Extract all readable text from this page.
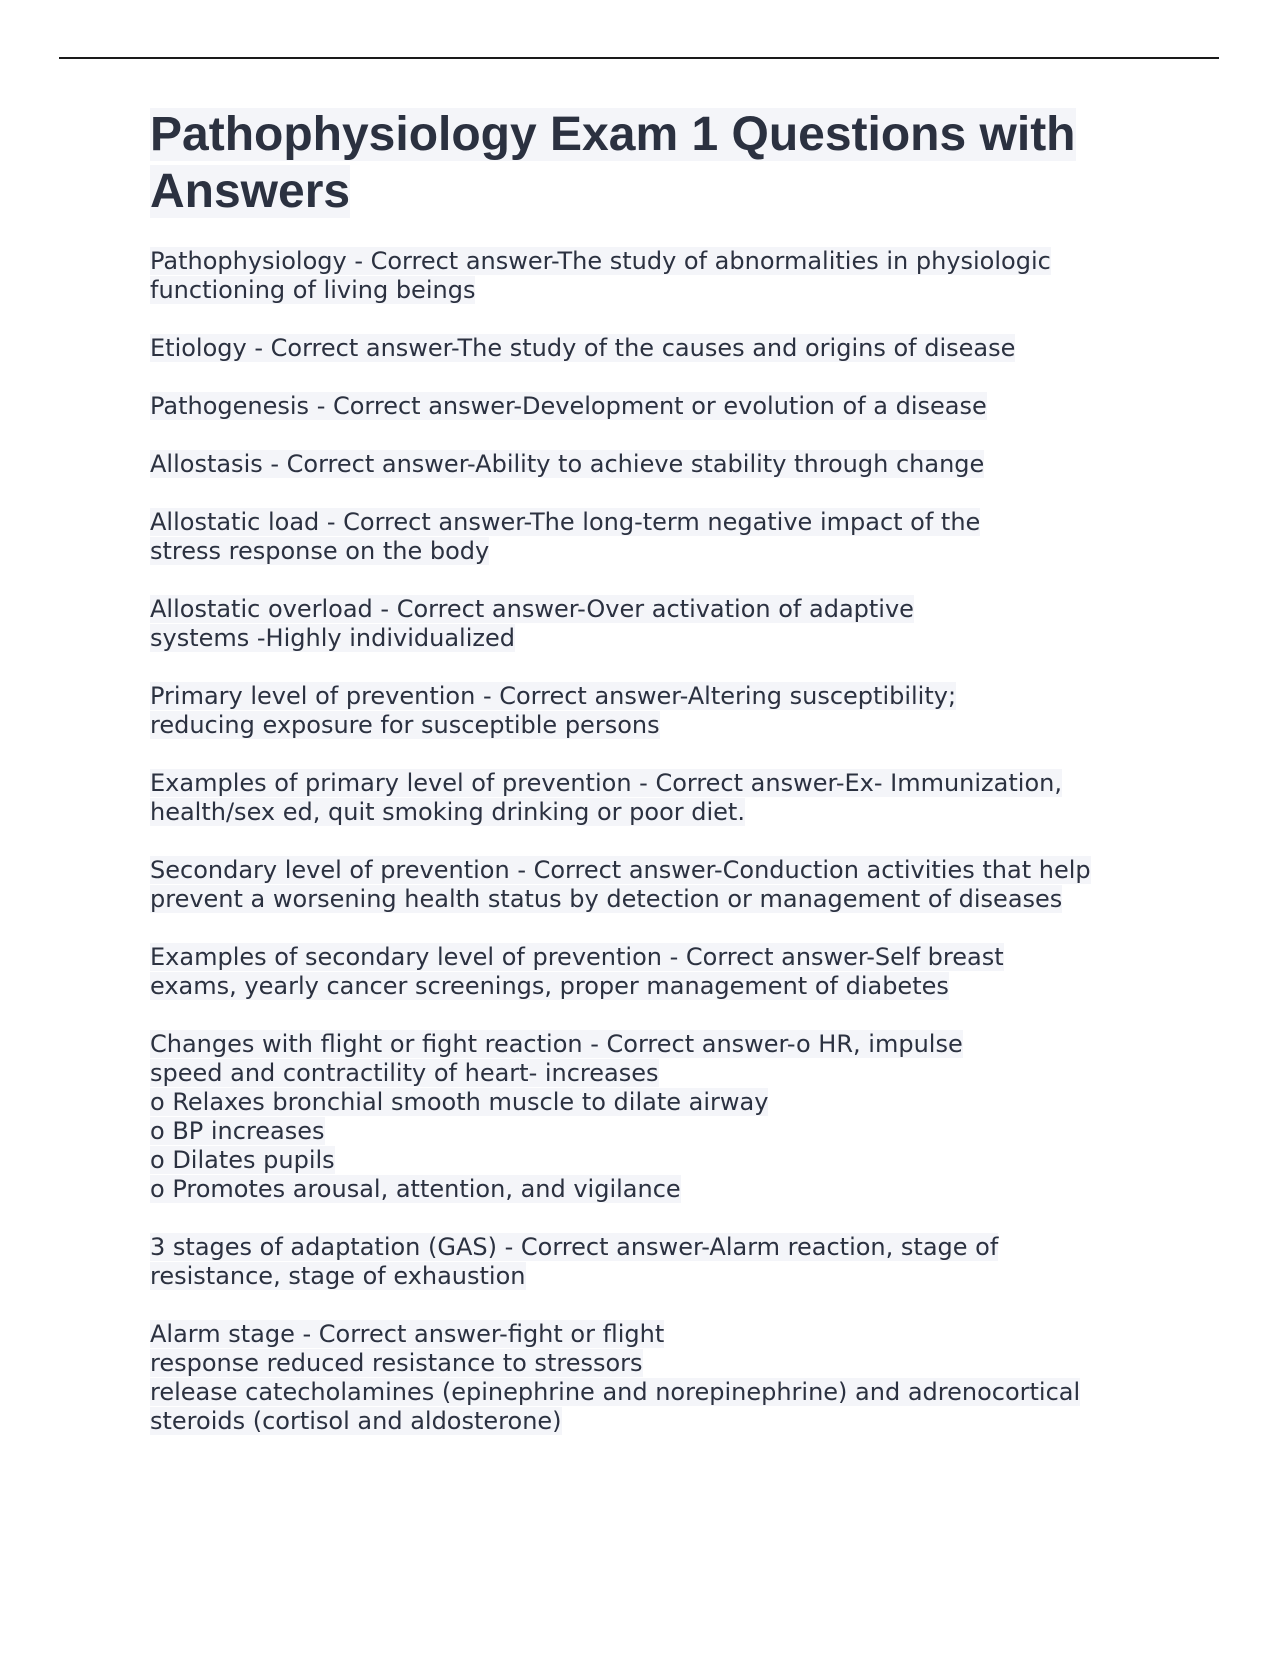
Pathophysiology Exam 1 Questions with Answers
Pathophysiology - Correct answer-The study of abnormalities in physiologic
functioning of living beings
Etiology - Correct answer-The study of the causes and origins of disease
Pathogenesis - Correct answer-Development or evolution of a disease
Allostasis - Correct answer-Ability to achieve stability through change
Allostatic load - Correct answer-The long-term negative impact of the
stress response on the body
Allostatic overload - Correct answer-Over activation of adaptive
systems -Highly individualized
Primary level of prevention - Correct answer-Altering susceptibility;
reducing exposure for susceptible persons
Examples of primary level of prevention - Correct answer-Ex- Immunization,
health/sex ed, quit smoking drinking or poor diet.
Secondary level of prevention - Correct answer-Conduction activities that help
prevent a worsening health status by detection or management of diseases
Examples of secondary level of prevention - Correct answer-Self breast
exams, yearly cancer screenings, proper management of diabetes
Changes with flight or fight reaction - Correct answer-o HR, impulse
speed and contractility of heart- increases
o Relaxes bronchial smooth muscle to dilate airway
o BP increases
o Dilates pupils
o Promotes arousal, attention, and vigilance
3 stages of adaptation (GAS) - Correct answer-Alarm reaction, stage of
resistance, stage of exhaustion
Alarm stage - Correct answer-fight or flight
response reduced resistance to stressors
release catecholamines (epinephrine and norepinephrine) and adrenocortical
steroids (cortisol and aldosterone)
